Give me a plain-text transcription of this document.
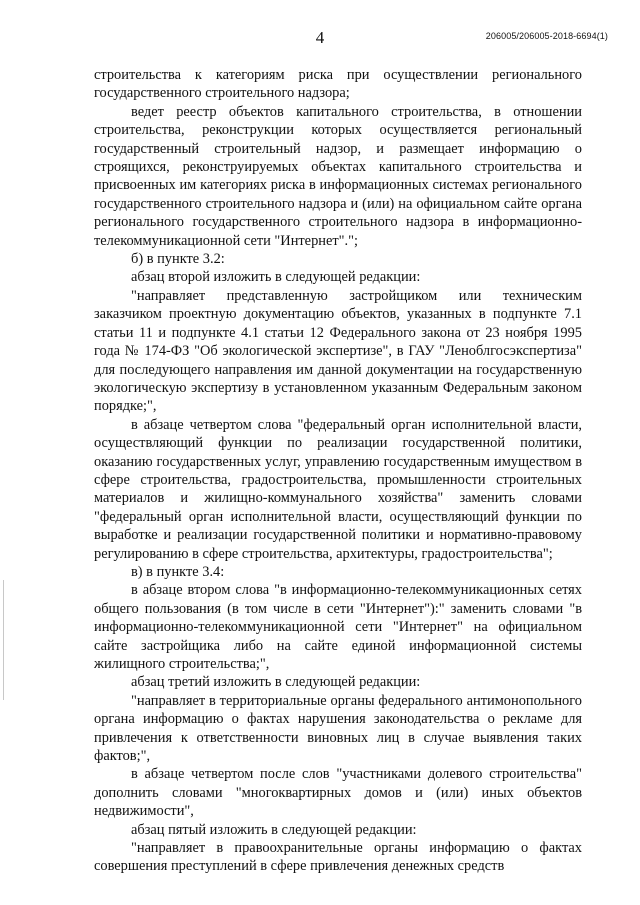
4	206005/206005-2018-6694(1)

строительства к категориям риска при осуществлении регионального государственного строительного надзора;

ведет реестр объектов капитального строительства, в отношении строительства, реконструкции которых осуществляется региональный государственный строительный надзор, и размещает информацию о строящихся, реконструируемых объектах капитального строительства и присвоенных им категориях риска в информационных системах регионального государственного строительного надзора и (или) на официальном сайте органа регионального государственного строительного надзора в информационно-телекоммуникационной сети "Интернет".";

б) в пункте 3.2:

абзац второй изложить в следующей редакции:

"направляет представленную застройщиком или техническим заказчиком проектную документацию объектов, указанных в подпункте 7.1 статьи 11 и подпункте 4.1 статьи 12 Федерального закона от 23 ноября 1995 года № 174-ФЗ "Об экологической экспертизе", в ГАУ "Леноблгосэкспертиза" для последующего направления им данной документации на государственную экологическую экспертизу в установленном указанным Федеральным законом порядке;",

в абзаце четвертом слова "федеральный орган исполнительной власти, осуществляющий функции по реализации государственной политики, оказанию государственных услуг, управлению государственным имуществом в сфере строительства, градостроительства, промышленности строительных материалов и жилищно-коммунального хозяйства" заменить словами "федеральный орган исполнительной власти, осуществляющий функции по выработке и реализации государственной политики и нормативно-правовому регулированию в сфере строительства, архитектуры, градостроительства";

в) в пункте 3.4:

в абзаце втором слова "в информационно-телекоммуникационных сетях общего пользования (в том числе в сети "Интернет"):" заменить словами "в информационно-телекоммуникационной сети "Интернет" на официальном сайте застройщика либо на сайте единой информационной системы жилищного строительства;",

абзац третий изложить в следующей редакции:

"направляет в территориальные органы федерального антимонопольного органа информацию о фактах нарушения законодательства о рекламе для привлечения к ответственности виновных лиц в случае выявления таких фактов;",

в абзаце четвертом после слов "участниками долевого строительства" дополнить словами "многоквартирных домов и (или) иных объектов недвижимости",

абзац пятый изложить в следующей редакции:

"направляет в правоохранительные органы информацию о фактах совершения преступлений в сфере привлечения денежных средств
